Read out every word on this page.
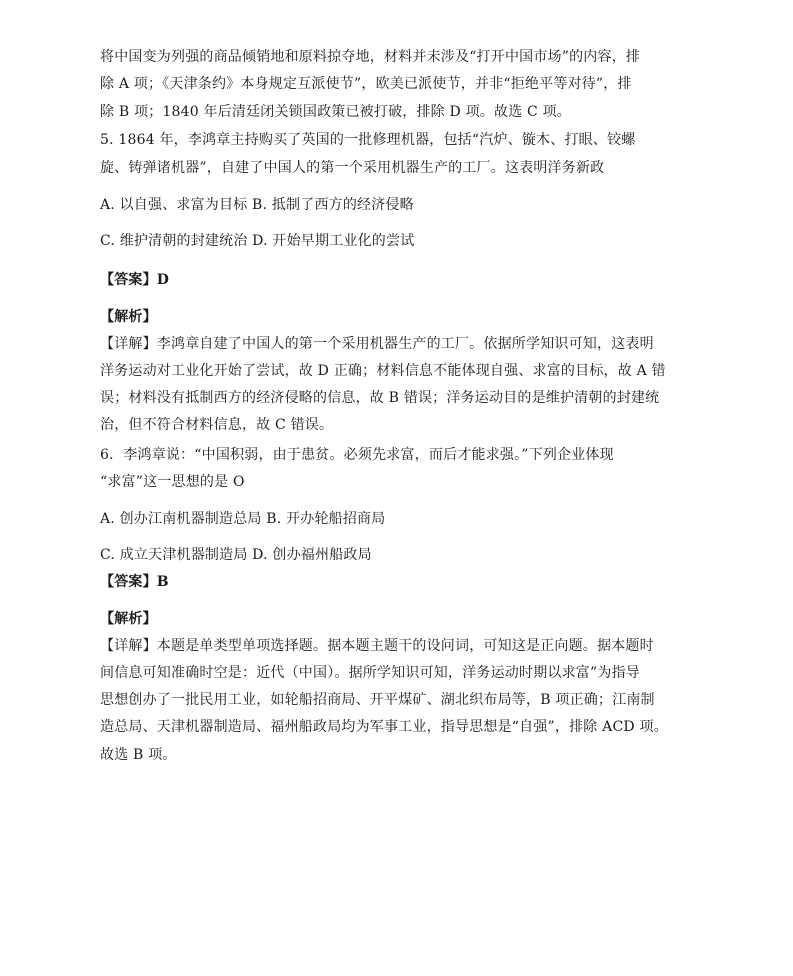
将中国变为列强的商品倾销地和原料掠夺地，材料并未涉及“打开中国市场”的内容，排
除 A 项；《天津条约》本身规定互派使节”，欧美已派使节，并非“拒绝平等对待”，排
除 B 项；1840 年后清廷闭关锁国政策已被打破，排除 D 项。故选 C 项。
5. 1864 年，李鸿章主持购买了英国的一批修理机器，包括“汽炉、镟木、打眼、铰螺
旋、铸弹诸机器”，自建了中国人的第一个采用机器生产的工厂。这表明洋务新政
A. 以自强、求富为目标 B. 抵制了西方的经济侵略
C. 维护清朝的封建统治 D. 开始早期工业化的尝试
【答案】D
【解析】
【详解】李鸿章自建了中国人的第一个采用机器生产的工厂。依据所学知识可知，这表明
洋务运动对工业化开始了尝试，故 D 正确；材料信息不能体现自强、求富的目标，故 A 错
误；材料没有抵制西方的经济侵略的信息，故 B 错误；洋务运动目的是维护清朝的封建统
治，但不符合材料信息，故 C 错误。
6．李鸿章说：“中国积弱，由于患贫。必须先求富，而后才能求强。”下列企业体现
“求富”这一思想的是 O
A. 创办江南机器制造总局 B. 开办轮船招商局
C. 成立天津机器制造局 D. 创办福州船政局
【答案】B
【解析】
【详解】本题是单类型单项选择题。据本题主题干的设问词，可知这是正向题。据本题时
间信息可知准确时空是：近代（中国）。据所学知识可知，洋务运动时期以求富”为指导
思想创办了一批民用工业，如轮船招商局、开平煤矿、湖北织布局等，B 项正确；江南制
造总局、天津机器制造局、福州船政局均为军事工业，指导思想是“自强”，排除 ACD 项。
故选 B 项。
